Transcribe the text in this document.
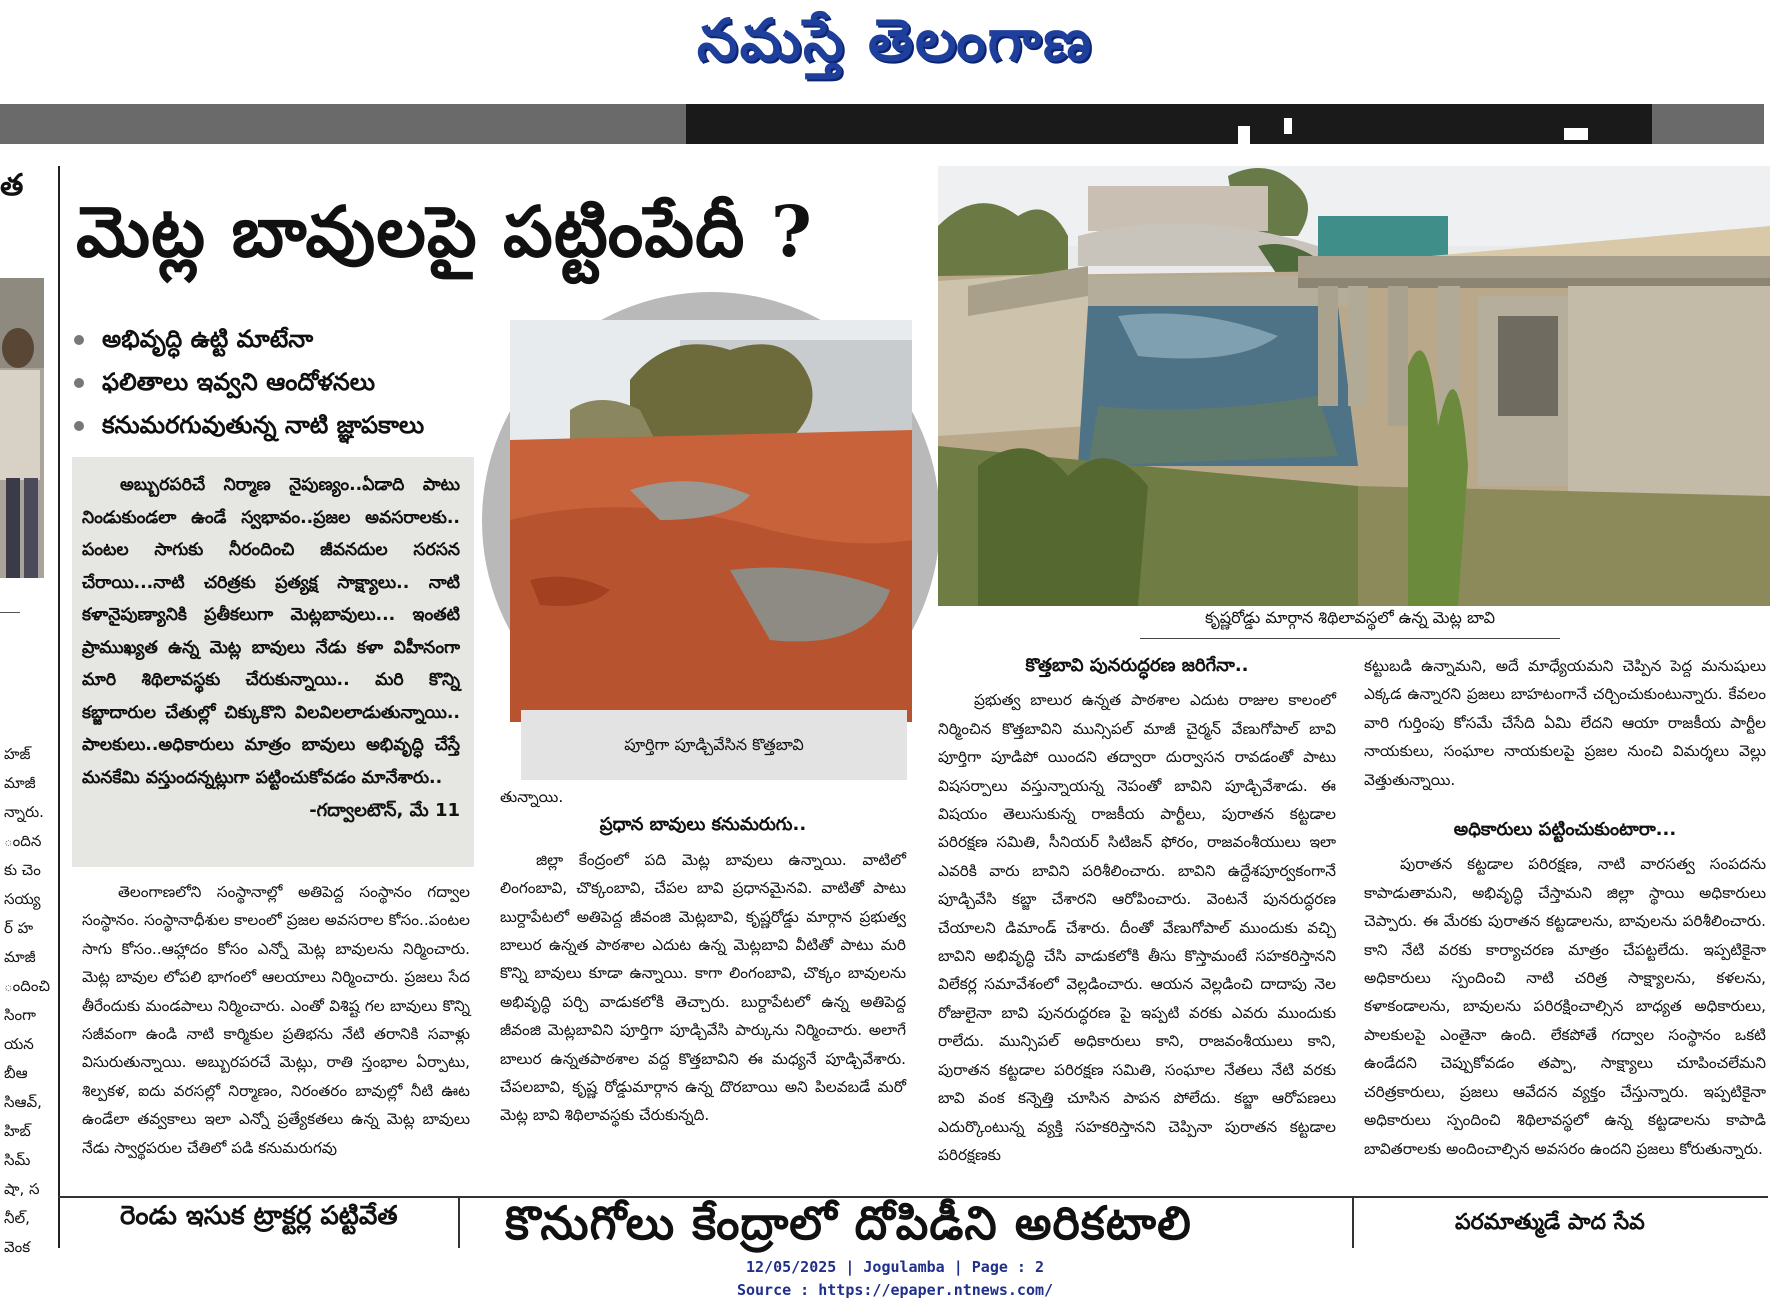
నమస్తే తెలంగాణ
త
హజ్
మాజీ
న్నారు.
ందిన
కు చెం
సయ్య
ర్ హ
మాజీ
ందించి
సింగా
యన
బీఆ
సిఆవ్,
హిబ్
సిమ్
షా, స
నీల్,
వెంక
మెట్ల బావులపై పట్టింపేదీ ?
అభివృద్ధి ఉట్టి మాటేనా
ఫలితాలు ఇవ్వని ఆందోళనలు
కనుమరగువుతున్న నాటి జ్ఞాపకాలు

అబ్బురపరిచే నిర్మాణ నైపుణ్యం..ఏడాది పాటు నిండుకుండలా ఉండే స్వభావం..ప్రజల అవసరాలకు.. పంటల సాగుకు నీరందించి జీవనదుల సరసన చేరాయి...నాటి చరిత్రకు ప్రత్యక్ష సాక్ష్యాలు.. నాటి కళానైపుణ్యానికి ప్రతీకలుగా మెట్లబావులు... ఇంతటి ప్రాముఖ్యత ఉన్న మెట్ల బావులు నేడు కళా విహీనంగా మారి శిథిలావస్థకు చేరుకున్నాయి.. మరి కొన్ని కబ్జాదారుల చేతుల్లో చిక్కుకొని విలవిలలాడుతున్నాయి.. పాలకులు..అధికారులు మాత్రం బావులు అభివృద్ధి చేస్తే మనకేమి వస్తుందన్నట్లుగా పట్టించుకోవడం మానేశారు..

-గద్వాలటౌన్, మే 11

తెలంగాణలోని సంస్థానాల్లో అతిపెద్ద సంస్థానం గద్వాల సంస్థానం. సంస్థానాధీశుల కాలంలో ప్రజల అవసరాల కోసం..పంటల సాగు కోసం..ఆహ్లాదం కోసం ఎన్నో మెట్ల బావులను నిర్మించారు. మెట్ల బావుల లోపలి భాగంలో ఆలయాలు నిర్మించారు. ప్రజలు సేద తీరేందుకు మండపాలు నిర్మించారు. ఎంతో విశిష్ట గల బావులు కొన్ని సజీవంగా ఉండి నాటి కార్మికుల ప్రతిభను నేటి తరానికి సవాళ్లు విసురుతున్నాయి. అబ్బురపరచే మెట్లు, రాతి స్తంభాల ఏర్పాటు, శిల్పకళ, ఐదు వరసల్లో నిర్మాణం, నిరంతరం బావుల్లో నీటి ఊట ఉండేలా తవ్వకాలు ఇలా ఎన్నో ప్రత్యేకతలు ఉన్న మెట్ల బావులు నేడు స్వార్థపరుల చేతిలో పడి కనుమరుగవు

పూర్తిగా పూడ్చివేసిన కొత్తబావి
తున్నాయి.

ప్రధాన బావులు కనుమరుగు..

జిల్లా కేంద్రంలో పది మెట్ల బావులు ఉన్నాయి. వాటిలో లింగంబావి, చొక్కంబావి, చేపల బావి ప్రధానమైనవి. వాటితో పాటు బుర్దాపేటలో అతిపెద్ద జీవంజి మెట్లబావి, కృష్ణరోడ్డు మార్గాన ప్రభుత్వ బాలుర ఉన్నత పాఠశాల ఎదుట ఉన్న మెట్లబావి వీటితో పాటు మరి కొన్ని బావులు కూడా ఉన్నాయి. కాగా లింగంబావి, చొక్కం బావులను అభివృద్ధి పర్చి వాడుకలోకి తెచ్చారు. బుర్దాపేటలో ఉన్న అతిపెద్ద జీవంజి మెట్లబావిని పూర్తిగా పూడ్చివేసి పార్కును నిర్మించారు. అలాగే బాలుర ఉన్నతపాఠశాల వద్ద కొత్తబావిని ఈ మధ్యనే పూడ్చివేశారు. చేపలబావి, కృష్ణ రోడ్డుమార్గాన ఉన్న దొరబాయి అని పిలవబడే మరో మెట్ల బావి శిథిలావస్థకు చేరుకున్నది.

కృష్ణరోడ్డు మార్గాన శిథిలావస్థలో ఉన్న మెట్ల బావి

కొత్తబావి పునరుద్ధరణ జరిగేనా..

ప్రభుత్వ బాలుర ఉన్నత పాఠశాల ఎదుట రాజుల కాలంలో నిర్మించిన కొత్తబావిని మున్సిపల్ మాజీ చైర్మన్ వేణుగోపాల్ బావి పూర్తిగా పూడిపో యిందని తద్వారా దుర్వాసన రావడంతో పాటు విషసర్పాలు వస్తున్నాయన్న నెపంతో బావిని పూడ్చివేశాడు. ఈ విషయం తెలుసుకున్న రాజకీయ పార్టీలు, పురాతన కట్టడాల పరిరక్షణ సమితి, సీనియర్ సిటిజన్ ఫోరం, రాజవంశీయులు ఇలా ఎవరికి వారు బావిని పరిశీలించారు. బావిని ఉద్దేశపూర్వకంగానే పూడ్చివేసి కబ్జా చేశారని ఆరోపించారు. వెంటనే పునరుద్ధరణ చేయాలని డిమాండ్ చేశారు. దీంతో వేణుగోపాల్ ముందుకు వచ్చి బావిని అభివృద్ధి చేసి వాడుకలోకి తీసు కొస్తామంటే సహకరిస్తానని విలేకర్ల సమావేశంలో వెల్లడించారు. ఆయన వెల్లడించి దాదాపు నెల రోజులైనా బావి పునరుద్ధరణ పై ఇప్పటి వరకు ఎవరు ముందుకు రాలేదు. మున్సిపల్ అధికారులు కాని, రాజవంశీయులు కాని, పురాతన కట్టడాల పరిరక్షణ సమితి, సంఘాల నేతలు నేటి వరకు బావి వంక కన్నెత్తి చూసిన పాపన పోలేదు. కబ్జా ఆరోపణలు ఎదుర్కొంటున్న వ్యక్తి సహకరిస్తానని చెప్పినా పురాతన కట్టడాల పరిరక్షణకు

కట్టుబడి ఉన్నామని, అదే మాధ్యేయమని చెప్పిన పెద్ద మనుషులు ఎక్కడ ఉన్నారని ప్రజలు బాహటంగానే చర్చించుకుంటున్నారు. కేవలం వారి గుర్తింపు కోసమే చేసేది ఏమి లేదని ఆయా రాజకీయ పార్టీల నాయకులు, సంఘాల నాయకులపై ప్రజల నుంచి విమర్శలు వెల్లు వెత్తుతున్నాయి.

అధికారులు పట్టించుకుంటారా...

పురాతన కట్టడాల పరిరక్షణ, నాటి వారసత్వ సంపదను కాపాడుతామని, అభివృద్ధి చేస్తామని జిల్లా స్థాయి అధికారులు చెప్పారు. ఈ మేరకు పురాతన కట్టడాలను, బావులను పరిశీలించారు. కాని నేటి వరకు కార్యాచరణ మాత్రం చేపట్టలేదు. ఇప్పటికైనా అధికారులు స్పందించి నాటి చరిత్ర సాక్ష్యాలను, కళలను, కళాకండాలను, బావులను పరిరక్షించాల్సిన బాధ్యత అధికారులు, పాలకులపై ఎంతైనా ఉంది. లేకపోతే గద్వాల సంస్థానం ఒకటి ఉండేదని చెప్పుకోవడం తప్పా, సాక్ష్యాలు చూపించలేమని చరిత్రకారులు, ప్రజలు ఆవేదన వ్యక్తం చేస్తున్నారు. ఇప్పటికైనా అధికారులు స్పందించి శిథిలావస్థలో ఉన్న కట్టడాలను కాపాడి బావితరాలకు అందించాల్సిన అవసరం ఉందని ప్రజలు కోరుతున్నారు.

రెండు ఇసుక ట్రాక్టర్ల పట్టివేత కొనుగోలు కేంద్రాలో దోపిడీని అరికటాలి	పరమాత్ముడే పాద సేవ
12/05/2025 | Jogulamba | Page : 2
Source : https://epaper.ntnews.com/
